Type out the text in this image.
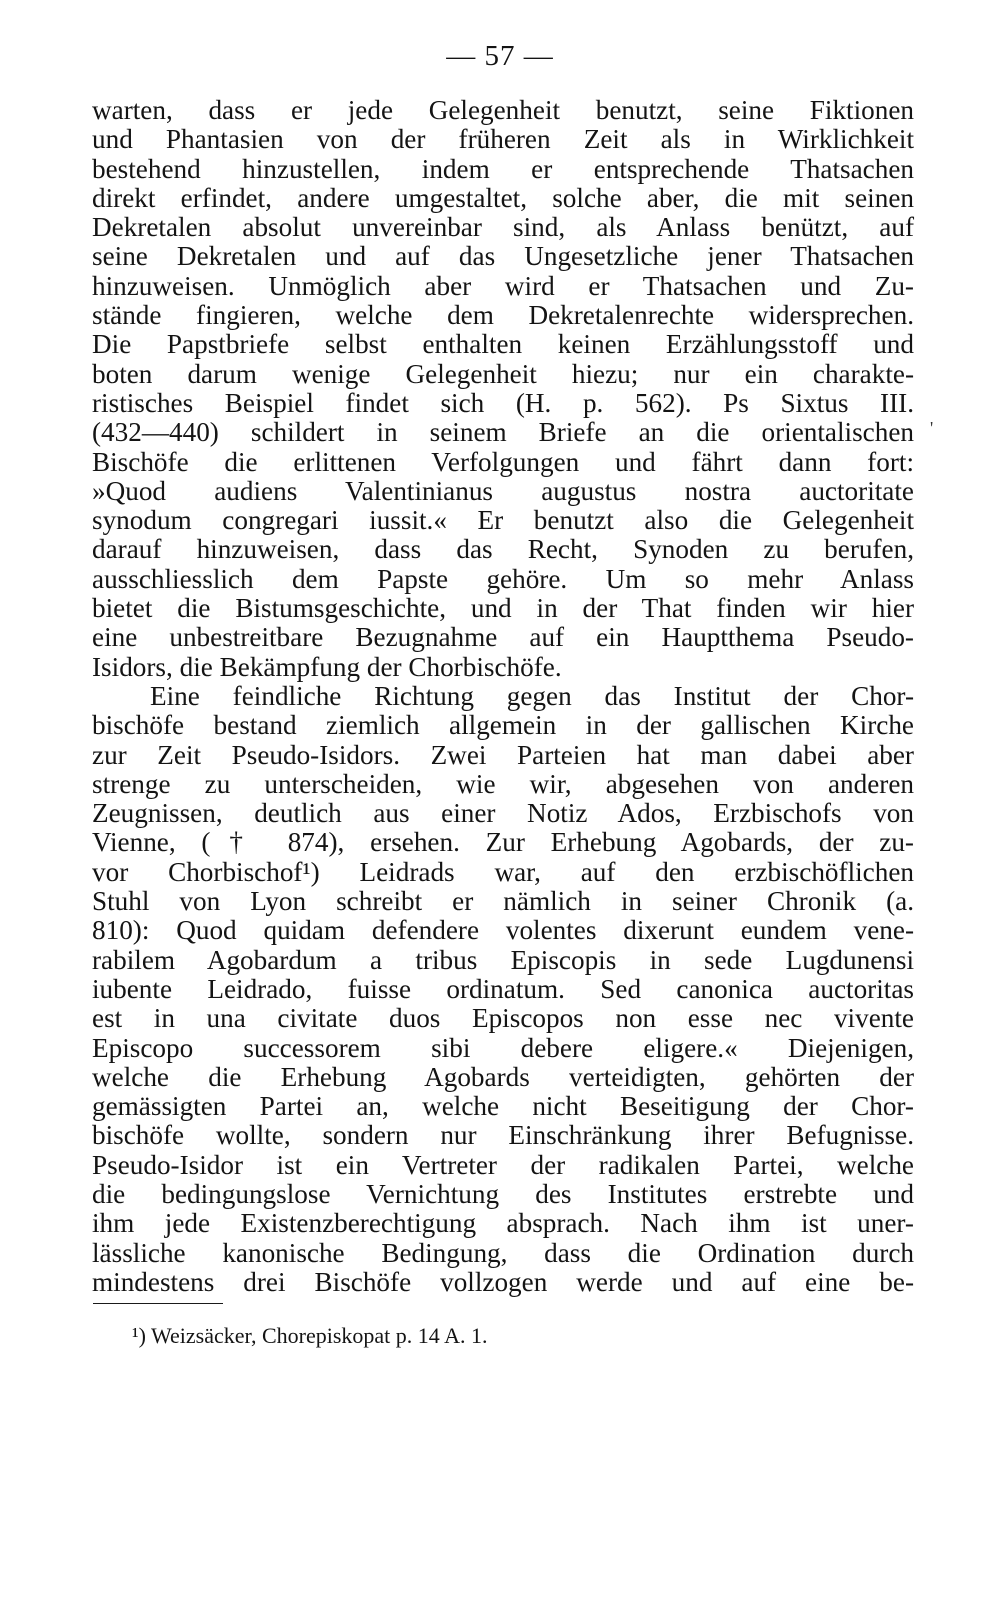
— 57 —
warten, dass er jede Gelegenheit benutzt, seine Fiktionen
und Phantasien von der früheren Zeit als in Wirklichkeit
bestehend hinzustellen, indem er entsprechende Thatsachen
direkt erfindet, andere umgestaltet, solche aber, die mit seinen
Dekretalen absolut unvereinbar sind, als Anlass benützt, auf
seine Dekretalen und auf das Ungesetzliche jener Thatsachen
hinzuweisen. Unmöglich aber wird er Thatsachen und Zu-
stände fingieren, welche dem Dekretalenrechte widersprechen.
Die Papstbriefe selbst enthalten keinen Erzählungsstoff und
boten darum wenige Gelegenheit hiezu; nur ein charakte-
ristisches Beispiel findet sich (H. p. 562). Ps Sixtus III.
(432—440) schildert in seinem Briefe an die orientalischen
Bischöfe die erlittenen Verfolgungen und fährt dann fort:
»Quod audiens Valentinianus augustus nostra auctoritate
synodum congregari iussit.« Er benutzt also die Gelegenheit
darauf hinzuweisen, dass das Recht, Synoden zu berufen,
ausschliesslich dem Papste gehöre. Um so mehr Anlass
bietet die Bistumsgeschichte, und in der That finden wir hier
eine unbestreitbare Bezugnahme auf ein Hauptthema Pseudo-
Isidors, die Bekämpfung der Chorbischöfe.
Eine feindliche Richtung gegen das Institut der Chor-
bischöfe bestand ziemlich allgemein in der gallischen Kirche
zur Zeit Pseudo-Isidors. Zwei Parteien hat man dabei aber
strenge zu unterscheiden, wie wir, abgesehen von anderen
Zeugnissen, deutlich aus einer Notiz Ados, Erzbischofs von
Vienne, († 874), ersehen. Zur Erhebung Agobards, der zu-
vor Chorbischof¹) Leidrads war, auf den erzbischöflichen
Stuhl von Lyon schreibt er nämlich in seiner Chronik (a.
810): Quod quidam defendere volentes dixerunt eundem vene-
rabilem Agobardum a tribus Episcopis in sede Lugdunensi
iubente Leidrado, fuisse ordinatum. Sed canonica auctoritas
est in una civitate duos Episcopos non esse nec vivente
Episcopo successorem sibi debere eligere.« Diejenigen,
welche die Erhebung Agobards verteidigten, gehörten der
gemässigten Partei an, welche nicht Beseitigung der Chor-
bischöfe wollte, sondern nur Einschränkung ihrer Befugnisse.
Pseudo-Isidor ist ein Vertreter der radikalen Partei, welche
die bedingungslose Vernichtung des Institutes erstrebte und
ihm jede Existenzberechtigung absprach. Nach ihm ist uner-
lässliche kanonische Bedingung, dass die Ordination durch
mindestens drei Bischöfe vollzogen werde und auf eine be-
'
¹) Weizsäcker, Chorepiskopat p. 14 A. 1.
